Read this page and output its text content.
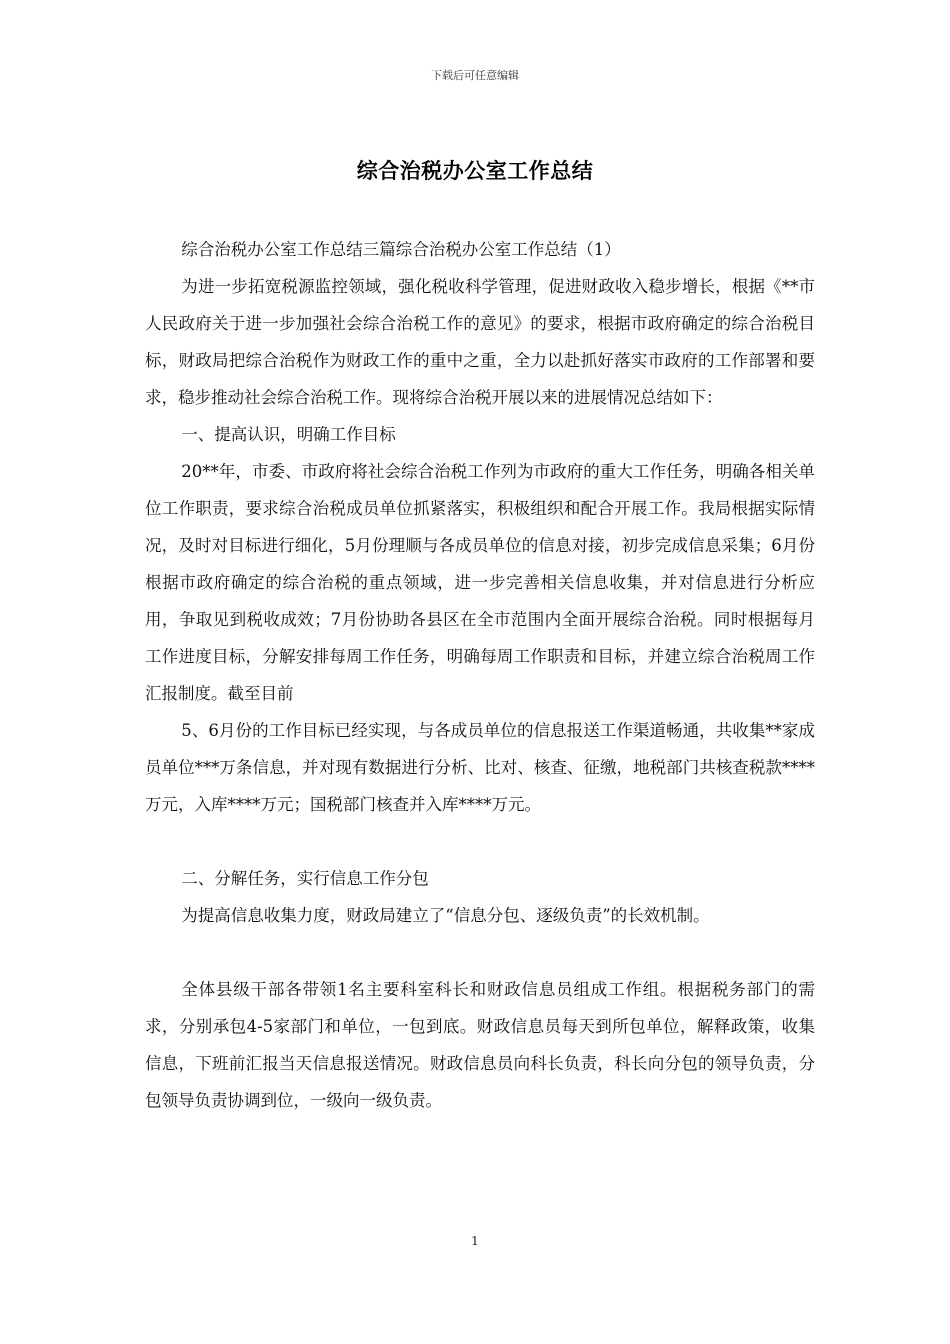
下载后可任意编辑
综合治税办公室工作总结

综合治税办公室工作总结三篇综合治税办公室工作总结（1）

为进一步拓宽税源监控领域，强化税收科学管理，促进财政收入稳步增长，根据《**市人民政府关于进一步加强社会综合治税工作的意见》的要求，根据市政府确定的综合治税目标，财政局把综合治税作为财政工作的重中之重，全力以赴抓好落实市政府的工作部署和要求，稳步推动社会综合治税工作。现将综合治税开展以来的进展情况总结如下：

一、提高认识，明确工作目标

20**年，市委、市政府将社会综合治税工作列为市政府的重大工作任务，明确各相关单位工作职责，要求综合治税成员单位抓紧落实，积极组织和配合开展工作。我局根据实际情况，及时对目标进行细化，5月份理顺与各成员单位的信息对接，初步完成信息采集；6月份根据市政府确定的综合治税的重点领域，进一步完善相关信息收集，并对信息进行分析应用，争取见到税收成效；7月份协助各县区在全市范围内全面开展综合治税。同时根据每月工作进度目标，分解安排每周工作任务，明确每周工作职责和目标，并建立综合治税周工作汇报制度。截至目前

5、6月份的工作目标已经实现，与各成员单位的信息报送工作渠道畅通，共收集**家成员单位***万条信息，并对现有数据进行分析、比对、核查、征缴，地税部门共核查税款****万元，入库****万元；国税部门核查并入库****万元。

二、分解任务，实行信息工作分包

为提高信息收集力度，财政局建立了“信息分包、逐级负责”的长效机制。

全体县级干部各带领1名主要科室科长和财政信息员组成工作组。根据税务部门的需求，分别承包4-5家部门和单位，一包到底。财政信息员每天到所包单位，解释政策，收集信息，下班前汇报当天信息报送情况。财政信息员向科长负责，科长向分包的领导负责，分包领导负责协调到位，一级向一级负责。

1
